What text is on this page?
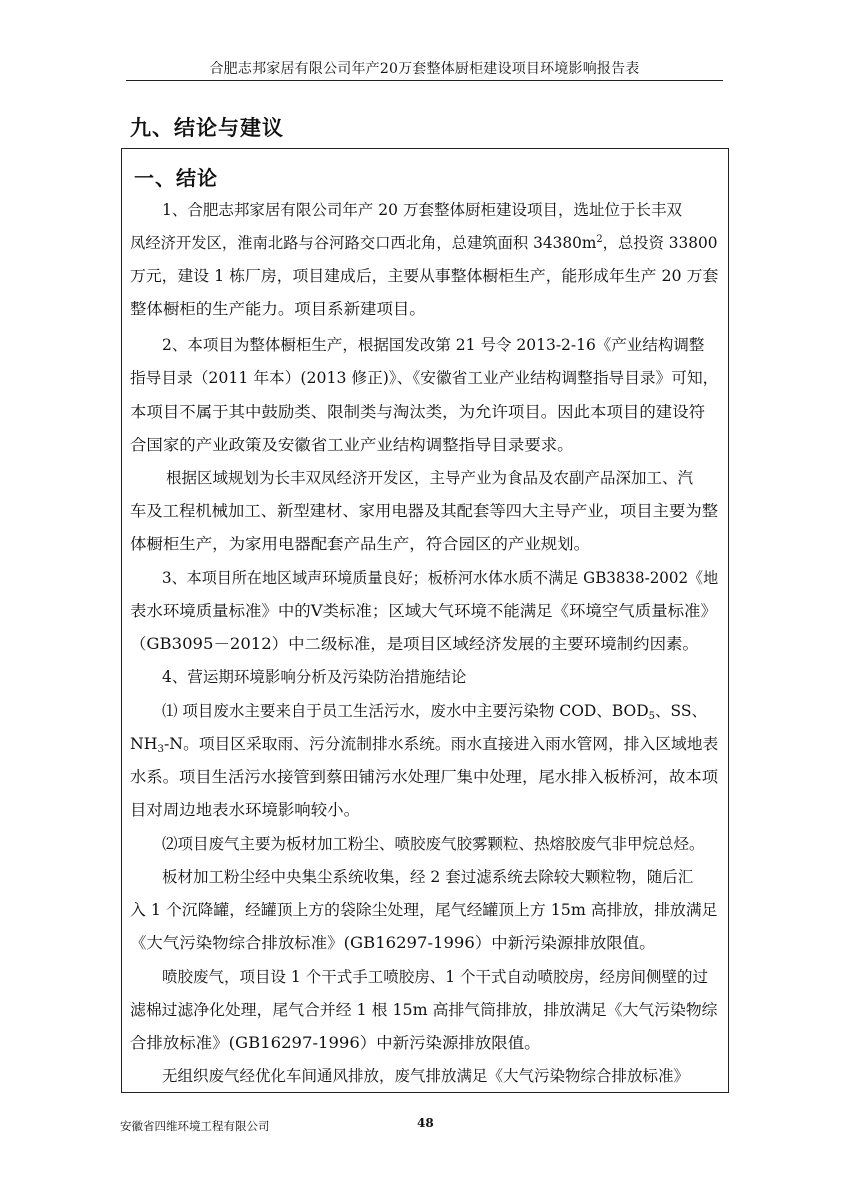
合肥志邦家居有限公司年产20万套整体厨柜建设项目环境影响报告表
九、结论与建议
一、结论
1、合肥志邦家居有限公司年产 20 万套整体厨柜建设项目，选址位于长丰双
凤经济开发区，淮南北路与谷河路交口西北角，总建筑面积 $34380m^2$，总投资 33800
万元，建设 1 栋厂房，项目建成后，主要从事整体橱柜生产，能形成年生产 20 万套
整体橱柜的生产能力。项目系新建项目。
2、本项目为整体橱柜生产，根据国发改第 21 号令 2013-2-16《产业结构调整
指导目录（2011 年本）(2013 修正)》、《安徽省工业产业结构调整指导目录》可知，
本项目不属于其中鼓励类、限制类与淘汰类，为允许项目。因此本项目的建设符
合国家的产业政策及安徽省工业产业结构调整指导目录要求。
根据区域规划为长丰双凤经济开发区，主导产业为食品及农副产品深加工、汽
车及工程机械加工、新型建材、家用电器及其配套等四大主导产业，项目主要为整
体橱柜生产，为家用电器配套产品生产，符合园区的产业规划。
3、本项目所在地区域声环境质量良好；板桥河水体水质不满足 GB3838-2002《地
表水环境质量标准》中的Ⅴ类标准；区域大气环境不能满足《环境空气质量标准》
（GB3095－2012）中二级标准，是项目区域经济发展的主要环境制约因素。
4、营运期环境影响分析及污染防治措施结论
⑴ 项目废水主要来自于员工生活污水，废水中主要污染物 COD、$BOD_5$、SS、
$NH_3-N$。项目区采取雨、污分流制排水系统。雨水直接进入雨水管网，排入区域地表
水系。项目生活污水接管到蔡田铺污水处理厂集中处理，尾水排入板桥河，故本项
目对周边地表水环境影响较小。
⑵项目废气主要为板材加工粉尘、喷胶废气胶雾颗粒、热熔胶废气非甲烷总烃。
板材加工粉尘经中央集尘系统收集，经 2 套过滤系统去除较大颗粒物，随后汇
入 1 个沉降罐，经罐顶上方的袋除尘处理，尾气经罐顶上方 15m 高排放，排放满足
《大气污染物综合排放标准》(GB16297-1996）中新污染源排放限值。
喷胶废气，项目设 1 个干式手工喷胶房、1 个干式自动喷胶房，经房间侧壁的过
滤棉过滤净化处理，尾气合并经 1 根 15m 高排气筒排放，排放满足《大气污染物综
合排放标准》(GB16297-1996）中新污染源排放限值。
无组织废气经优化车间通风排放，废气排放满足《大气污染物综合排放标准》
安徽省四维环境工程有限公司	48
